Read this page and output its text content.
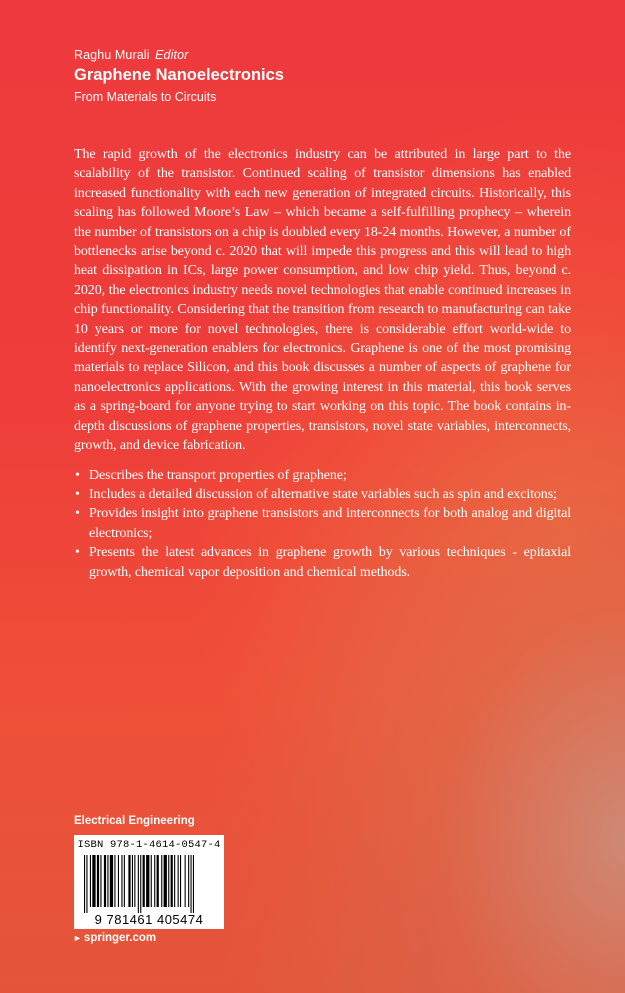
Raghu Murali Editor
Graphene Nanoelectronics
From Materials to Circuits

The rapid growth of the electronics industry can be attributed in large part to the scalability of the transistor. Continued scaling of transistor dimensions has enabled increased functionality with each new generation of integrated circuits. Historically, this scaling has followed Moore’s Law – which became a self-fulfilling prophecy – wherein the number of transistors on a chip is doubled every 18-24 months. However, a number of bottlenecks arise beyond c. 2020 that will impede this progress and this will lead to high heat dissipation in ICs, large power consumption, and low chip yield. Thus, beyond c. 2020, the electronics industry needs novel technologies that enable continued increases in chip functionality. Considering that the transition from research to manufacturing can take 10 years or more for novel technologies, there is considerable effort world-wide to identify next-generation enablers for electronics. Graphene is one of the most promising materials to replace Silicon, and this book discusses a number of aspects of graphene for nanoelectronics applications. With the growing interest in this material, this book serves as a spring-board for anyone trying to start working on this topic. The book contains in-depth discussions of graphene properties, transistors, novel state variables, interconnects, growth, and device fabrication.

• Describes the transport properties of graphene;
• Includes a detailed discussion of alternative state variables such as spin and excitons;
• Provides insight into graphene transistors and interconnects for both analog and digital electronics;
• Presents the latest advances in graphene growth by various techniques - epitaxial growth, chemical vapor deposition and chemical methods.
Electrical Engineering
ISBN 978-1-4614-0547-4
9 781461 405474
► springer.com
